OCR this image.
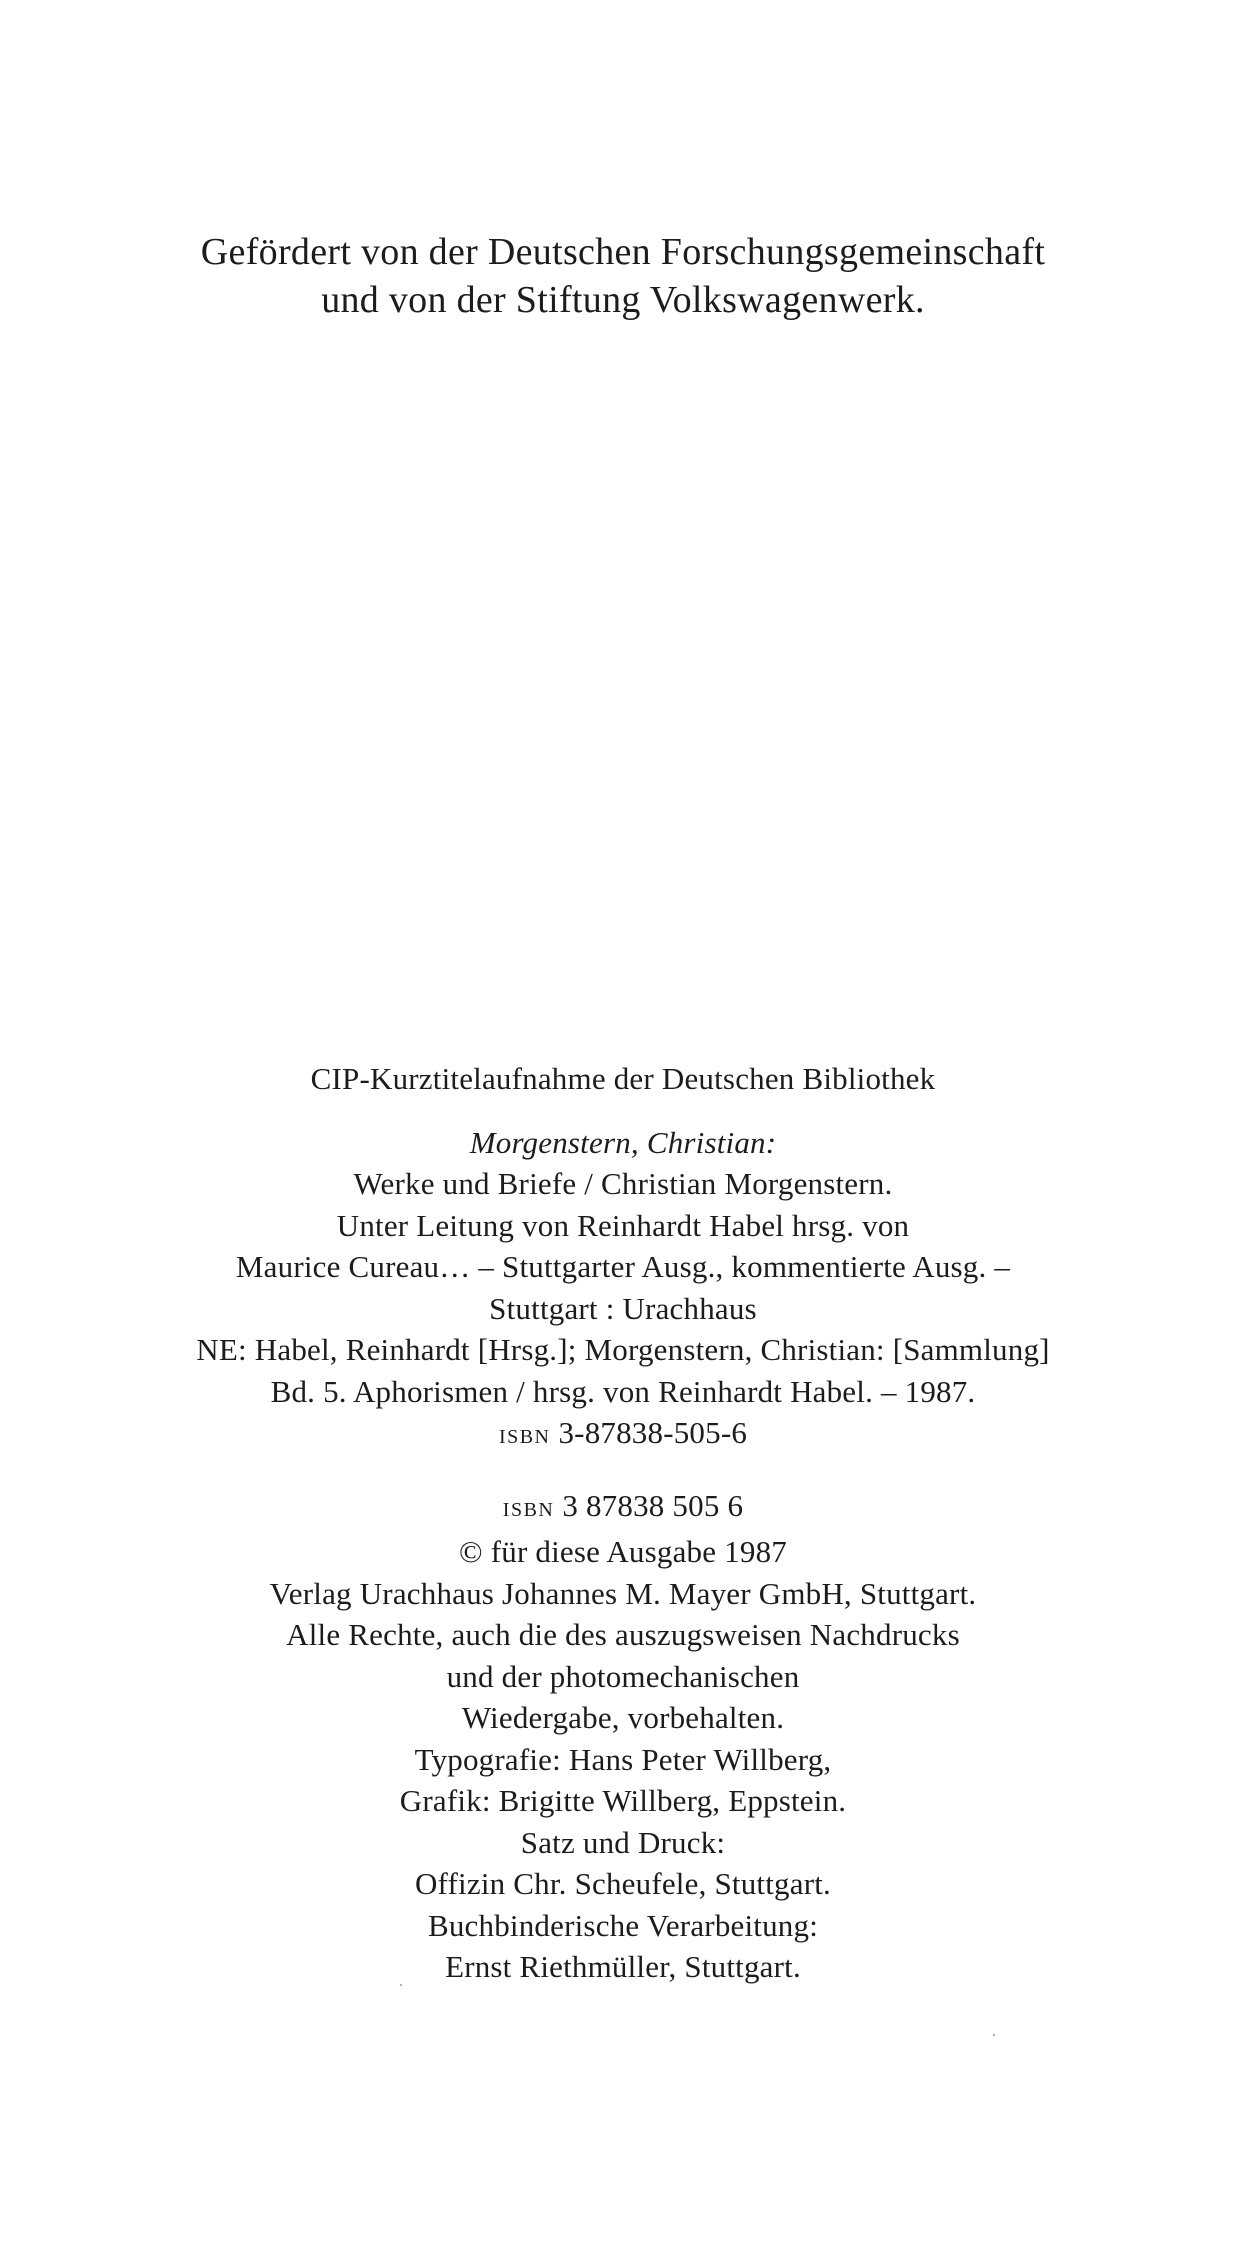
Gefördert von der Deutschen Forschungsgemeinschaft
und von der Stiftung Volkswagenwerk.
CIP-Kurztitelaufnahme der Deutschen Bibliothek
Morgenstern, Christian:
Werke und Briefe / Christian Morgenstern.
Unter Leitung von Reinhardt Habel hrsg. von
Maurice Cureau… – Stuttgarter Ausg., kommentierte Ausg. –
Stuttgart : Urachhaus
NE: Habel, Reinhardt [Hrsg.]; Morgenstern, Christian: [Sammlung]
Bd. 5. Aphorismen / hrsg. von Reinhardt Habel. – 1987.
ISBN 3-87838-505-6
ISBN 3 87838 505 6
© für diese Ausgabe 1987
Verlag Urachhaus Johannes M. Mayer GmbH, Stuttgart.
Alle Rechte, auch die des auszugsweisen Nachdrucks
und der photomechanischen
Wiedergabe, vorbehalten.
Typografie: Hans Peter Willberg,
Grafik: Brigitte Willberg, Eppstein.
Satz und Druck:
Offizin Chr. Scheufele, Stuttgart.
Buchbinderische Verarbeitung:
Ernst Riethmüller, Stuttgart.
